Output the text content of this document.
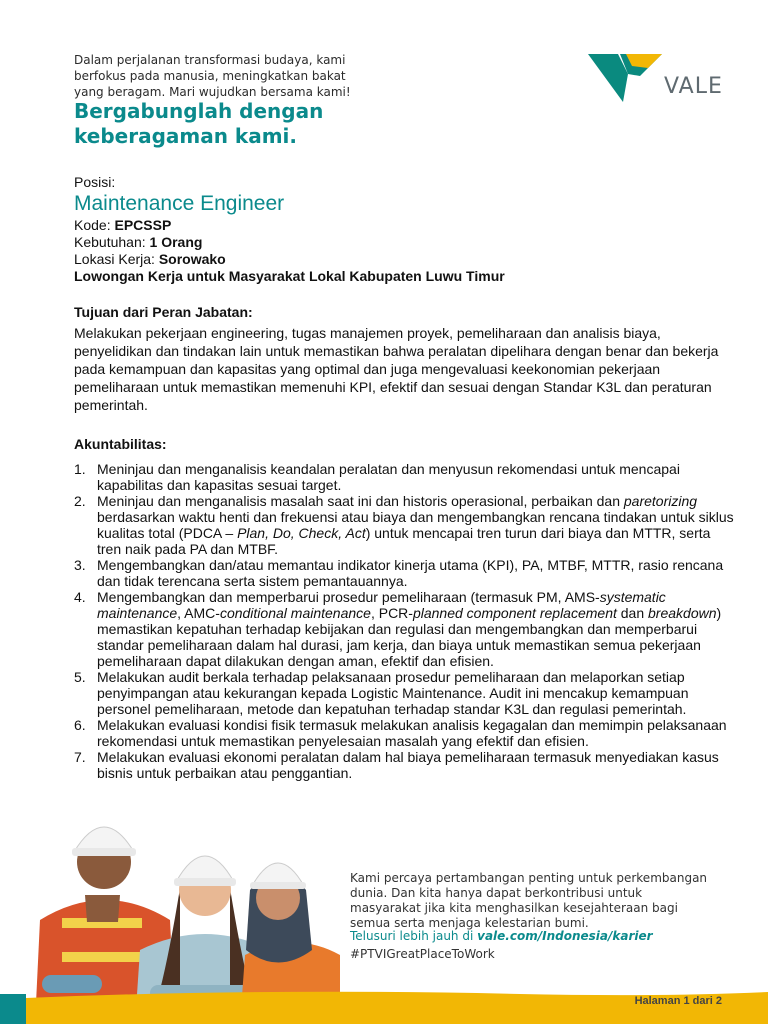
Dalam perjalanan transformasi budaya, kami berfokus pada manusia, meningkatkan bakat yang beragam. Mari wujudkan bersama kami!
Bergabunglah dengan
keberagaman kami.
VALE
Posisi:
Maintenance Engineer
Kode: EPCSSP
Kebutuhan: 1 Orang
Lokasi Kerja: Sorowako
Lowongan Kerja untuk Masyarakat Lokal Kabupaten Luwu Timur
Tujuan dari Peran Jabatan:
Melakukan pekerjaan engineering, tugas manajemen proyek, pemeliharaan dan analisis biaya, penyelidikan dan tindakan lain untuk memastikan bahwa peralatan dipelihara dengan benar dan bekerja pada kemampuan dan kapasitas yang optimal dan juga mengevaluasi keekonomian pekerjaan pemeliharaan untuk memastikan memenuhi KPI, efektif dan sesuai dengan Standar K3L dan peraturan pemerintah.
Akuntabilitas:
1. Meninjau dan menganalisis keandalan peralatan dan menyusun rekomendasi untuk mencapai kapabilitas dan kapasitas sesuai target.
2. Meninjau dan menganalisis masalah saat ini dan historis operasional, perbaikan dan paretorizing berdasarkan waktu henti dan frekuensi atau biaya dan mengembangkan rencana tindakan untuk siklus kualitas total (PDCA – Plan, Do, Check, Act) untuk mencapai tren turun dari biaya dan MTTR, serta tren naik pada PA dan MTBF.
3. Mengembangkan dan/atau memantau indikator kinerja utama (KPI), PA, MTBF, MTTR, rasio rencana dan tidak terencana serta sistem pemantauannya.
4. Mengembangkan dan memperbarui prosedur pemeliharaan (termasuk PM, AMS-systematic maintenance, AMC-conditional maintenance, PCR-planned component replacement dan breakdown) memastikan kepatuhan terhadap kebijakan dan regulasi dan mengembangkan dan memperbarui standar pemeliharaan dalam hal durasi, jam kerja, dan biaya untuk memastikan semua pekerjaan pemeliharaan dapat dilakukan dengan aman, efektif dan efisien.
5. Melakukan audit berkala terhadap pelaksanaan prosedur pemeliharaan dan melaporkan setiap penyimpangan atau kekurangan kepada Logistic Maintenance. Audit ini mencakup kemampuan personel pemeliharaan, metode dan kepatuhan terhadap standar K3L dan regulasi pemerintah.
6. Melakukan evaluasi kondisi fisik termasuk melakukan analisis kegagalan dan memimpin pelaksanaan rekomendasi untuk memastikan penyelesaian masalah yang efektif dan efisien.
7. Melakukan evaluasi ekonomi peralatan dalam hal biaya pemeliharaan termasuk menyediakan kasus bisnis untuk perbaikan atau penggantian.
Kami percaya pertambangan penting untuk perkembangan dunia. Dan kita hanya dapat berkontribusi untuk masyarakat jika kita menghasilkan kesejahteraan bagi semua serta menjaga kelestarian bumi.
Telusuri lebih jauh di vale.com/Indonesia/karier
#PTVIGreatPlaceToWork
Halaman 1 dari 2
